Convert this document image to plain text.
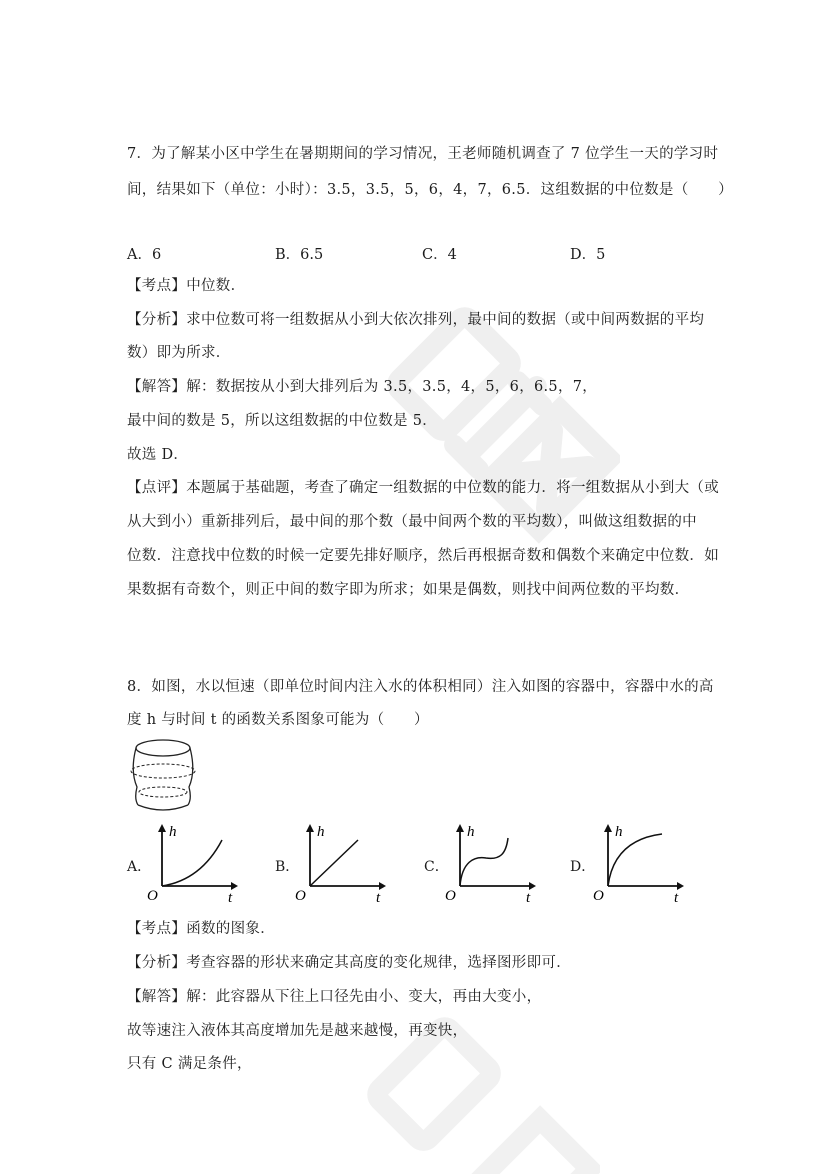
7．为了解某小区中学生在暑期期间的学习情况，王老师随机调查了 7 位学生一天的学习时
间，结果如下（单位：小时）：3.5，3.5，5，6，4，7，6.5．这组数据的中位数是（　　）
A．6	B．6.5	C．4	D．5
【考点】中位数．
【分析】求中位数可将一组数据从小到大依次排列，最中间的数据（或中间两数据的平均
数）即为所求．
【解答】解：数据按从小到大排列后为 3.5，3.5，4，5，6，6.5，7，
最中间的数是 5，所以这组数据的中位数是 5．
故选 D．
【点评】本题属于基础题，考查了确定一组数据的中位数的能力．将一组数据从小到大（或
从大到小）重新排列后，最中间的那个数（最中间两个数的平均数），叫做这组数据的中
位数．注意找中位数的时候一定要先排好顺序，然后再根据奇数和偶数个来确定中位数．如
果数据有奇数个，则正中间的数字即为所求；如果是偶数，则找中间两位数的平均数．
8．如图，水以恒速（即单位时间内注入水的体积相同）注入如图的容器中，容器中水的高
度 h 与时间 t 的函数关系图象可能为（　　）
A．
h
t
O
B．
h
t
O
C．
h
t
O
D．
h
t
O
【考点】函数的图象．
【分析】考查容器的形状来确定其高度的变化规律，选择图形即可．
【解答】解：此容器从下往上口径先由小、变大，再由大变小，
故等速注入液体其高度增加先是越来越慢，再变快，
只有 C 满足条件，
